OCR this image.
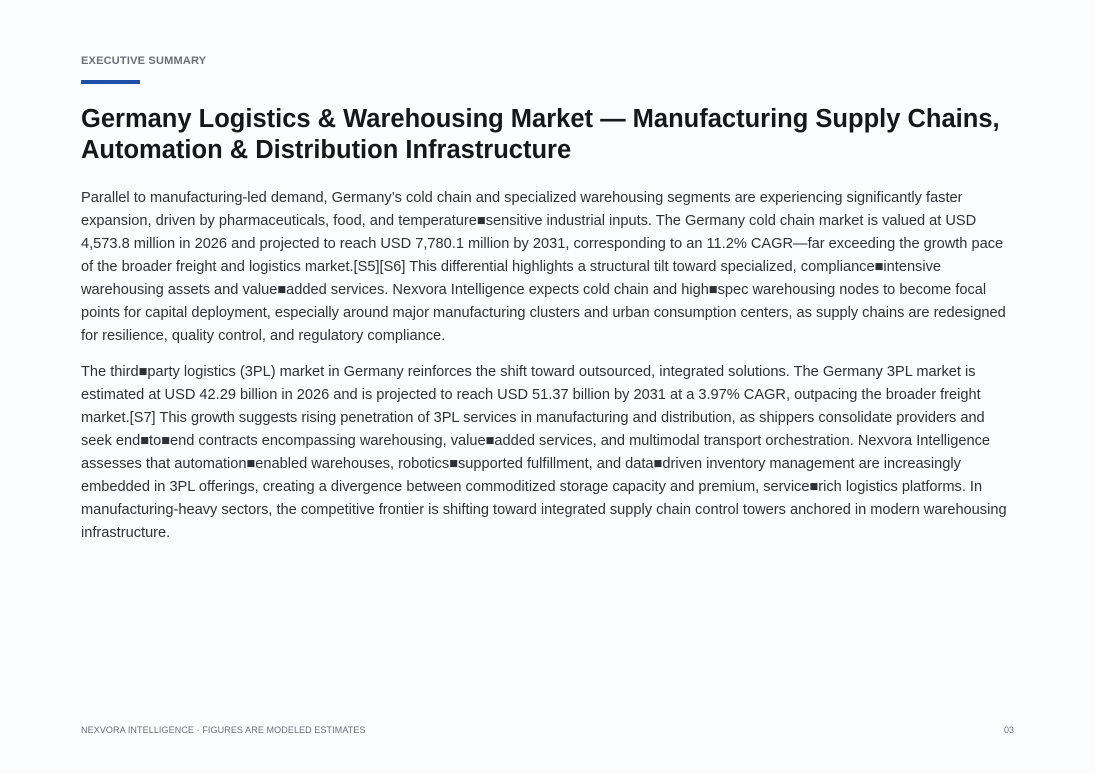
EXECUTIVE SUMMARY
Germany Logistics & Warehousing Market — Manufacturing Supply Chains, Automation & Distribution Infrastructure

Parallel to manufacturing-led demand, Germany’s cold chain and specialized warehousing segments are experiencing significantly faster expansion, driven by pharmaceuticals, food, and temperature■sensitive industrial inputs. The Germany cold chain market is valued at USD 4,573.8 million in 2026 and projected to reach USD 7,780.1 million by 2031, corresponding to an 11.2% CAGR—far exceeding the growth pace of the broader freight and logistics market.[S5][S6] This differential highlights a structural tilt toward specialized, compliance■intensive warehousing assets and value■added services. Nexvora Intelligence expects cold chain and high■spec warehousing nodes to become focal points for capital deployment, especially around major manufacturing clusters and urban consumption centers, as supply chains are redesigned for resilience, quality control, and regulatory compliance.

The third■party logistics (3PL) market in Germany reinforces the shift toward outsourced, integrated solutions. The Germany 3PL market is estimated at USD 42.29 billion in 2026 and is projected to reach USD 51.37 billion by 2031 at a 3.97% CAGR, outpacing the broader freight market.[S7] This growth suggests rising penetration of 3PL services in manufacturing and distribution, as shippers consolidate providers and seek end■to■end contracts encompassing warehousing, value■added services, and multimodal transport orchestration. Nexvora Intelligence assesses that automation■enabled warehouses, robotics■supported fulfillment, and data■driven inventory management are increasingly embedded in 3PL offerings, creating a divergence between commoditized storage capacity and premium, service■rich logistics platforms. In manufacturing-heavy sectors, the competitive frontier is shifting toward integrated supply chain control towers anchored in modern warehousing infrastructure.

NEXVORA INTELLIGENCE · FIGURES ARE MODELED ESTIMATES	03
